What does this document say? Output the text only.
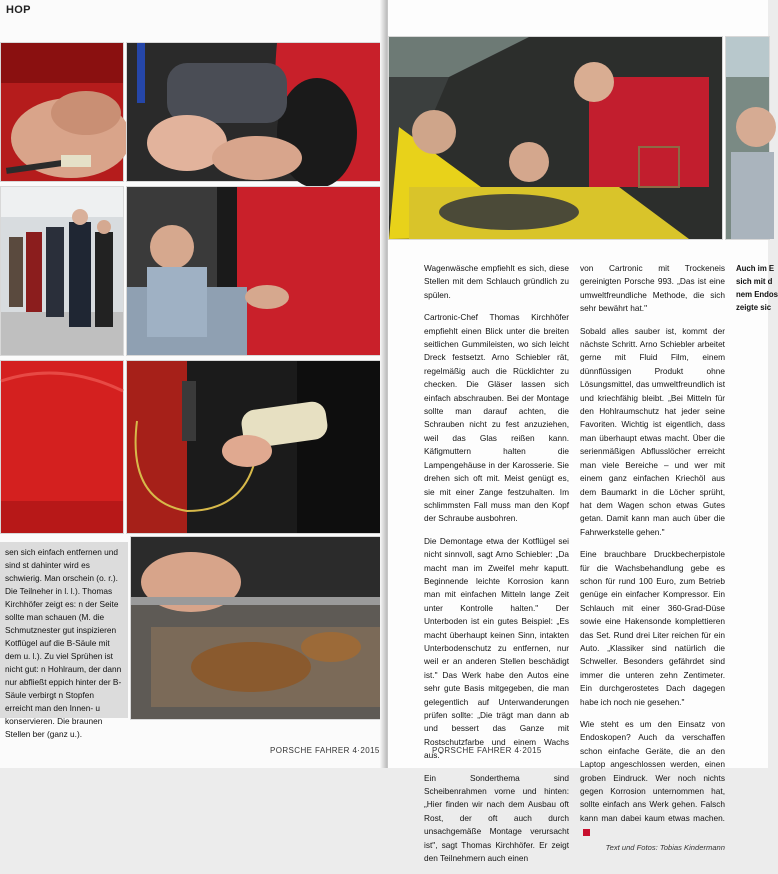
HOP

sen sich einfach entfernen und sind st dahinter wird es schwierig. Man orschein (o. r.). Die Teilneher in l. l.). Thomas Kirchhöfer zeigt es: n der Seite sollte man schauen (M. die Schmutznester gut inspizieren Kotflügel auf die B-Säule mit dem u. l.). Zu viel Sprühen ist nicht gut: n Hohlraum, der dann nur abfließt eppich hinter der B-Säule verbirgt n Stopfen erreicht man den Innen- u konservieren. Die braunen Stellen ber (ganz u.).

PORSCHE FAHRER 4·2015

Wagenwäsche empfiehlt es sich, diese Stellen mit dem Schlauch gründlich zu spülen.

Cartronic-Chef Thomas Kirchhöfer empfiehlt einen Blick unter die breiten seitlichen Gummileisten, wo sich leicht Dreck festsetzt. Arno Schiebler rät, regelmäßig auch die Rücklichter zu checken. Die Gläser lassen sich einfach abschrauben. Bei der Montage sollte man darauf achten, die Schrauben nicht zu fest anzuziehen, weil das Glas reißen kann. Käfigmuttern halten die Lampengehäuse in der Karosserie. Sie drehen sich oft mit. Meist genügt es, sie mit einer Zange festzuhalten. Im schlimmsten Fall muss man den Kopf der Schraube ausbohren.

Die Demontage etwa der Kotflügel sei nicht sinnvoll, sagt Arno Schiebler: „Da macht man im Zweifel mehr kaputt. Beginnende leichte Korrosion kann man mit einfachen Mitteln lange Zeit unter Kontrolle halten." Der Unterboden ist ein gutes Beispiel: „Es macht überhaupt keinen Sinn, intakten Unterbodenschutz zu entfernen, nur weil er an anderen Stellen beschädigt ist." Das Werk habe den Autos eine sehr gute Basis mitgegeben, die man gelegentlich auf Unterwanderungen prüfen sollte: „Die trägt man dann ab und bessert das Ganze mit Rostschutzfarbe und einem Wachs aus."

Ein Sonderthema sind Scheibenrahmen vorne und hinten: „Hier finden wir nach dem Ausbau oft Rost, der oft auch durch unsachgemäße Montage verursacht ist", sagt Thomas Kirchhöfer. Er zeigt den Teilnehmern auch einen

von Cartronic mit Trockeneis gereinigten Porsche 993. „Das ist eine umweltfreundliche Methode, die sich sehr bewährt hat."

Sobald alles sauber ist, kommt der nächste Schritt. Arno Schiebler arbeitet gerne mit Fluid Film, einem dünnflüssigen Produkt ohne Lösungsmittel, das umweltfreundlich ist und kriechfähig bleibt. „Bei Mitteln für den Hohlraumschutz hat jeder seine Favoriten. Wichtig ist eigentlich, dass man überhaupt etwas macht. Über die serienmäßigen Abflusslöcher erreicht man viele Bereiche – und wer mit einem ganz einfachen Kriechöl aus dem Baumarkt in die Löcher sprüht, hat dem Wagen schon etwas Gutes getan. Damit kann man auch über die Fahrwerkstelle gehen."

Eine brauchbare Druckbecherpistole für die Wachsbehandlung gebe es schon für rund 100 Euro, zum Betrieb genüge ein einfacher Kompressor. Ein Schlauch mit einer 360-Grad-Düse sowie eine Hakensonde komplettieren das Set. Rund drei Liter reichen für ein Auto. „Klassiker sind natürlich die Schweller. Besonders gefährdet sind immer die unteren zehn Zentimeter. Ein durchgerostetes Dach dagegen habe ich noch nie gesehen."

Wie steht es um den Einsatz von Endoskopen? Auch da verschaffen schon einfache Geräte, die an den Laptop angeschlossen werden, einen groben Eindruck. Wer noch nichts gegen Korrosion unternommen hat, sollte einfach ans Werk gehen. Falsch kann man dabei kaum etwas machen.

Text und Fotos: Tobias Kindermann
Auch im E
sich mit d
nem Endos
zeigte sic
PORSCHE FAHRER 4·2015
